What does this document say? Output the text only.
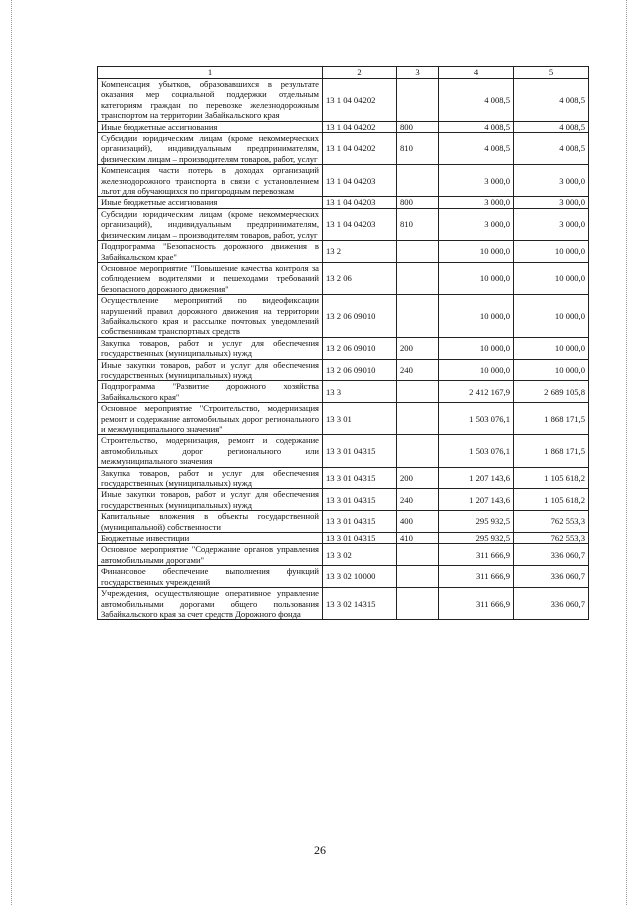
1	2	3	4	5
Компенсация убытков, образовавшихся в результате оказания мер социальной поддержки отдельным категориям граждан по перевозке железнодорожным транспортом на территории Забайкальского края	13 1 04 04202		4 008,5	4 008,5
Иные бюджетные ассигнования	13 1 04 04202	800	4 008,5	4 008,5
Субсидии юридическим лицам (кроме некоммерческих организаций), индивидуальным предпринимателям, физическим лицам – производителям товаров, работ, услуг	13 1 04 04202	810	4 008,5	4 008,5
Компенсация части потерь в доходах организаций железнодорожного транспорта в связи с установлением льгот для обучающихся по пригородным перевозкам	13 1 04 04203		3 000,0	3 000,0
Иные бюджетные ассигнования	13 1 04 04203	800	3 000,0	3 000,0
Субсидии юридическим лицам (кроме некоммерческих организаций), индивидуальным предпринимателям, физическим лицам – производителям товаров, работ, услуг	13 1 04 04203	810	3 000,0	3 000,0
Подпрограмма "Безопасность дорожного движения в Забайкальском крае"	13 2		10 000,0	10 000,0
Основное мероприятие "Повышение качества контроля за соблюдением водителями и пешеходами требований безопасного дорожного движения"	13 2 06		10 000,0	10 000,0
Осуществление мероприятий по видеофиксации нарушений правил дорожного движения на территории Забайкальского края и рассылке почтовых уведомлений собственникам транспортных средств	13 2 06 09010		10 000,0	10 000,0
Закупка товаров, работ и услуг для обеспечения государственных (муниципальных) нужд	13 2 06 09010	200	10 000,0	10 000,0
Иные закупки товаров, работ и услуг для обеспечения государственных (муниципальных) нужд	13 2 06 09010	240	10 000,0	10 000,0
Подпрограмма "Развитие дорожного хозяйства Забайкальского края"	13 3		2 412 167,9	2 689 105,8
Основное мероприятие "Строительство, модернизация ремонт и содержание автомобильных дорог регионального и межмуниципального значения"	13 3 01		1 503 076,1	1 868 171,5
Строительство, модернизация, ремонт и содержание автомобильных дорог регионального или межмуниципального значения	13 3 01 04315		1 503 076,1	1 868 171,5
Закупка товаров, работ и услуг для обеспечения государственных (муниципальных) нужд	13 3 01 04315	200	1 207 143,6	1 105 618,2
Иные закупки товаров, работ и услуг для обеспечения государственных (муниципальных) нужд	13 3 01 04315	240	1 207 143,6	1 105 618,2
Капитальные вложения в объекты государственной (муниципальной) собственности	13 3 01 04315	400	295 932,5	762 553,3
Бюджетные инвестиции	13 3 01 04315	410	295 932,5	762 553,3
Основное мероприятие "Содержание органов управления автомобильными дорогами"	13 3 02		311 666,9	336 060,7
Финансовое обеспечение выполнения функций государственных учреждений	13 3 02 10000		311 666,9	336 060,7
Учреждения, осуществляющие оперативное управление автомобильными дорогами общего пользования Забайкальского края за счет средств Дорожного фонда	13 3 02 14315		311 666,9	336 060,7
26
